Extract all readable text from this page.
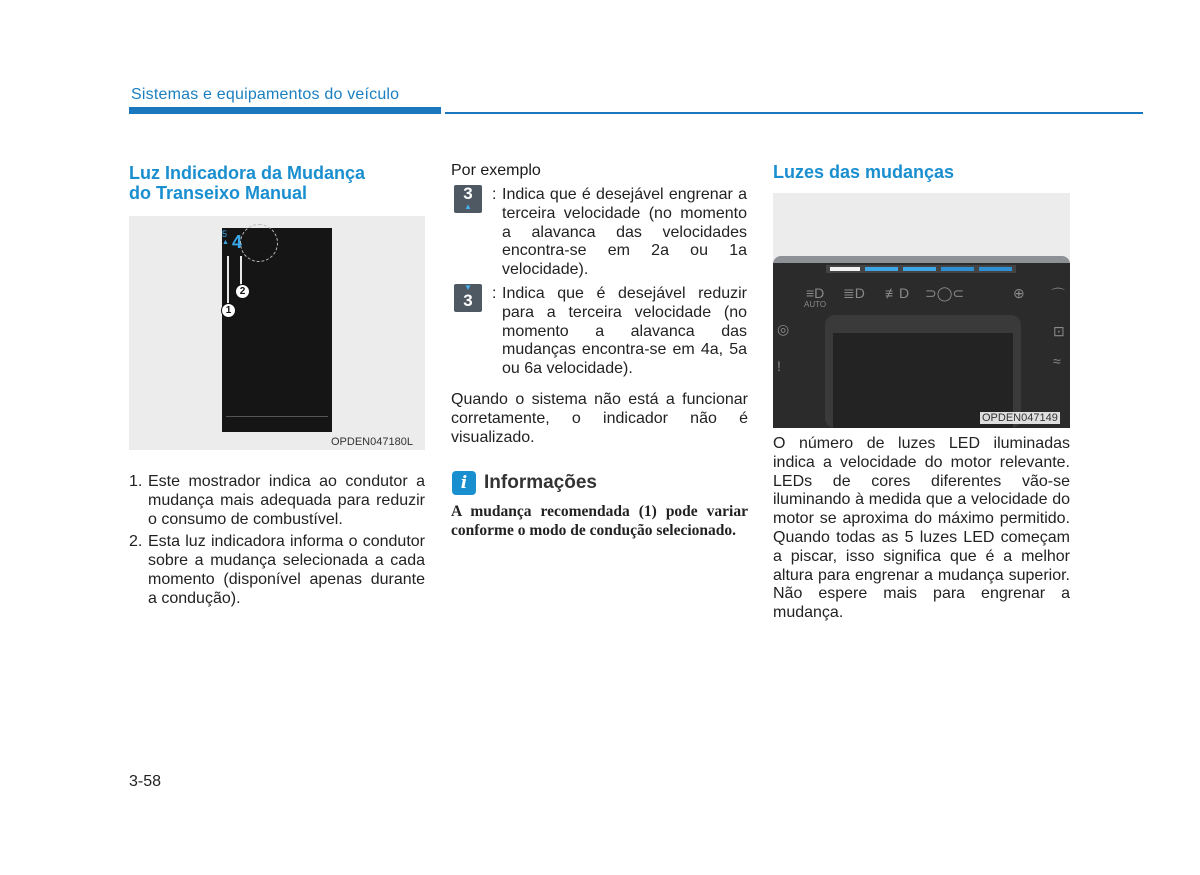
Sistemas e equipamentos do veículo
Luz Indicadora da Mudança
do Transeixo Manual
5
▲ 4
1
2
OPDEN047180L
1. Este mostrador indica ao condutor a mudança mais adequada para reduzir o consumo de combustível.
2. Esta luz indicadora informa o condutor sobre a mudança selecionada a cada momento (disponível apenas durante a condução).
Por exemplo
3
▲
: Indica que é desejável engrenar a terceira velocidade (no momento a alavanca das velocidades encontra-se em 2a ou 1a velocidade).
▼
3	: Indica que é desejável reduzir para a terceira velocidade (no momento a alavanca das mudanças encontra-se em 4a, 5a ou 6a velocidade).
Quando o sistema não está a funcionar corretamente, o indicador não é visualizado.
i Informações
A mudança recomendada (1) pode variar conforme o modo de condução selecionado.
Luzes das mudanças
≡D
AUTO
≣D ≢D ⊃◯⊂	⊕ ⌒
◎
!
⊡
≈
OPDEN047149
O número de luzes LED iluminadas indica a velocidade do motor relevante. LEDs de cores diferentes vão-se iluminando à medida que a velocidade do motor se aproxima do máximo permitido. Quando todas as 5 luzes LED começam a piscar, isso significa que é a melhor altura para engrenar a mudança superior. Não espere mais para engrenar a mudança.
3-58
